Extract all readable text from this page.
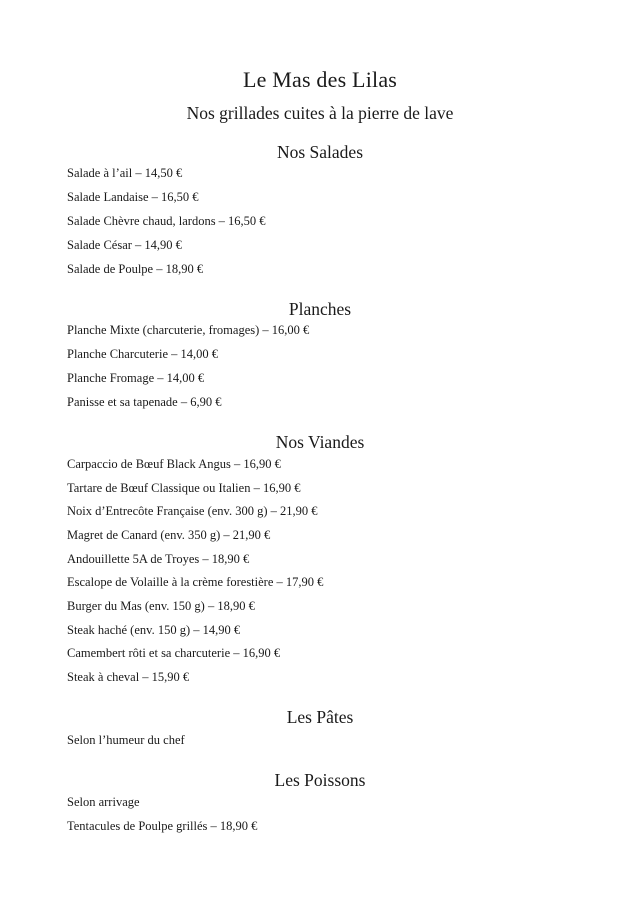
Le Mas des Lilas
Nos grillades cuites à la pierre de lave
Nos Salades
Salade à l’ail – 14,50 €
Salade Landaise – 16,50 €
Salade Chèvre chaud, lardons – 16,50 €
Salade César – 14,90 €
Salade de Poulpe – 18,90 €
Planches
Planche Mixte (charcuterie, fromages) – 16,00 €
Planche Charcuterie – 14,00 €
Planche Fromage – 14,00 €
Panisse et sa tapenade – 6,90 €
Nos Viandes
Carpaccio de Bœuf Black Angus – 16,90 €
Tartare de Bœuf Classique ou Italien – 16,90 €
Noix d’Entrecôte Française (env. 300 g) – 21,90 €
Magret de Canard (env. 350 g) – 21,90 €
Andouillette 5A de Troyes – 18,90 €
Escalope de Volaille à la crème forestière – 17,90 €
Burger du Mas (env. 150 g) – 18,90 €
Steak haché (env. 150 g) – 14,90 €
Camembert rôti et sa charcuterie – 16,90 €
Steak à cheval – 15,90 €
Les Pâtes
Selon l’humeur du chef
Les Poissons
Selon arrivage
Tentacules de Poulpe grillés – 18,90 €
